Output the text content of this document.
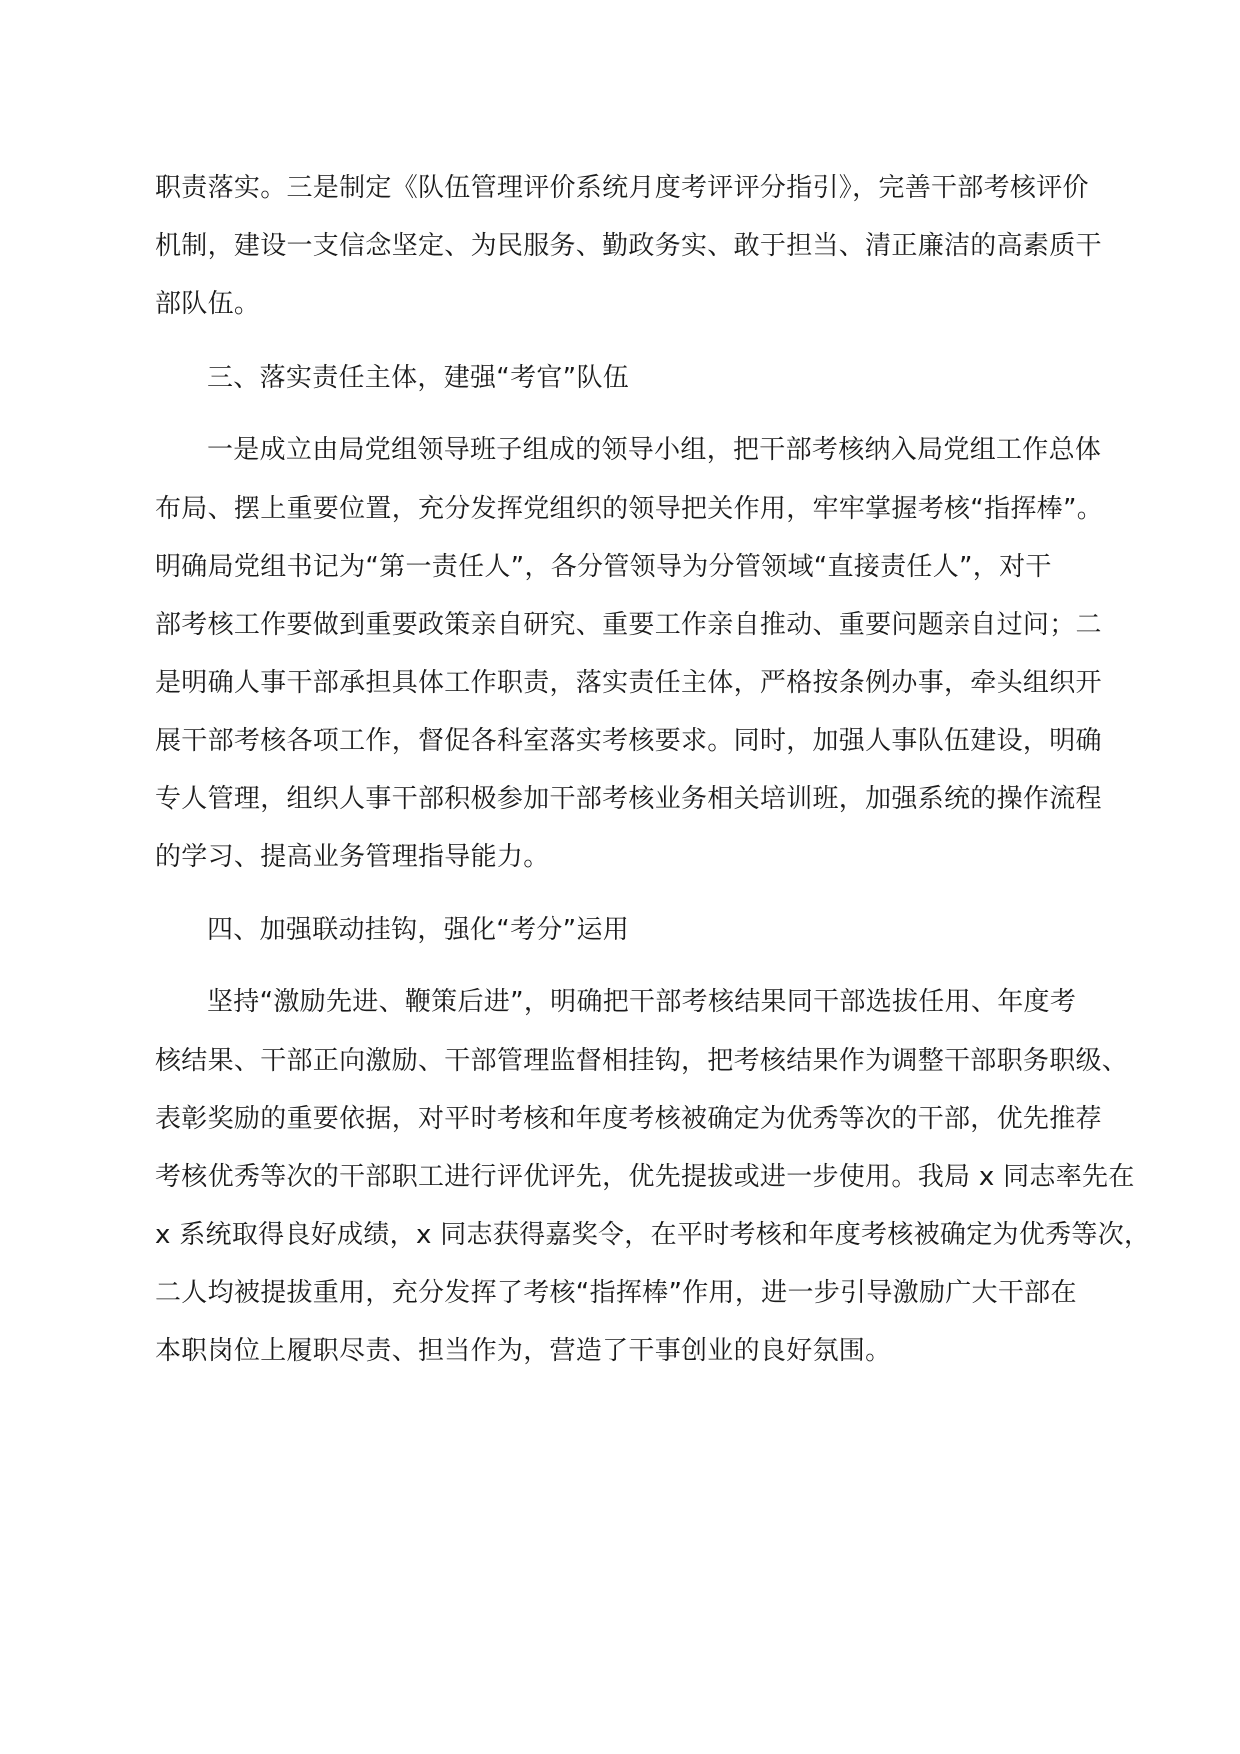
职责落实。三是制定《队伍管理评价系统月度考评评分指引》，完善干部考核评价
机制，建设一支信念坚定、为民服务、勤政务实、敢于担当、清正廉洁的高素质干
部队伍。
三、落实责任主体，建强“考官”队伍
一是成立由局党组领导班子组成的领导小组，把干部考核纳入局党组工作总体
布局、摆上重要位置，充分发挥党组织的领导把关作用，牢牢掌握考核“指挥棒”。
明确局党组书记为“第一责任人”，各分管领导为分管领域“直接责任人”，对干
部考核工作要做到重要政策亲自研究、重要工作亲自推动、重要问题亲自过问；二
是明确人事干部承担具体工作职责，落实责任主体，严格按条例办事，牵头组织开
展干部考核各项工作，督促各科室落实考核要求。同时，加强人事队伍建设，明确
专人管理，组织人事干部积极参加干部考核业务相关培训班，加强系统的操作流程
的学习、提高业务管理指导能力。
四、加强联动挂钩，强化“考分”运用
坚持“激励先进、鞭策后进”，明确把干部考核结果同干部选拔任用、年度考
核结果、干部正向激励、干部管理监督相挂钩，把考核结果作为调整干部职务职级、
表彰奖励的重要依据，对平时考核和年度考核被确定为优秀等次的干部，优先推荐
考核优秀等次的干部职工进行评优评先，优先提拔或进一步使用。我局 x 同志率先在
x 系统取得良好成绩，x 同志获得嘉奖令，在平时考核和年度考核被确定为优秀等次，
二人均被提拔重用，充分发挥了考核“指挥棒”作用，进一步引导激励广大干部在
本职岗位上履职尽责、担当作为，营造了干事创业的良好氛围。
